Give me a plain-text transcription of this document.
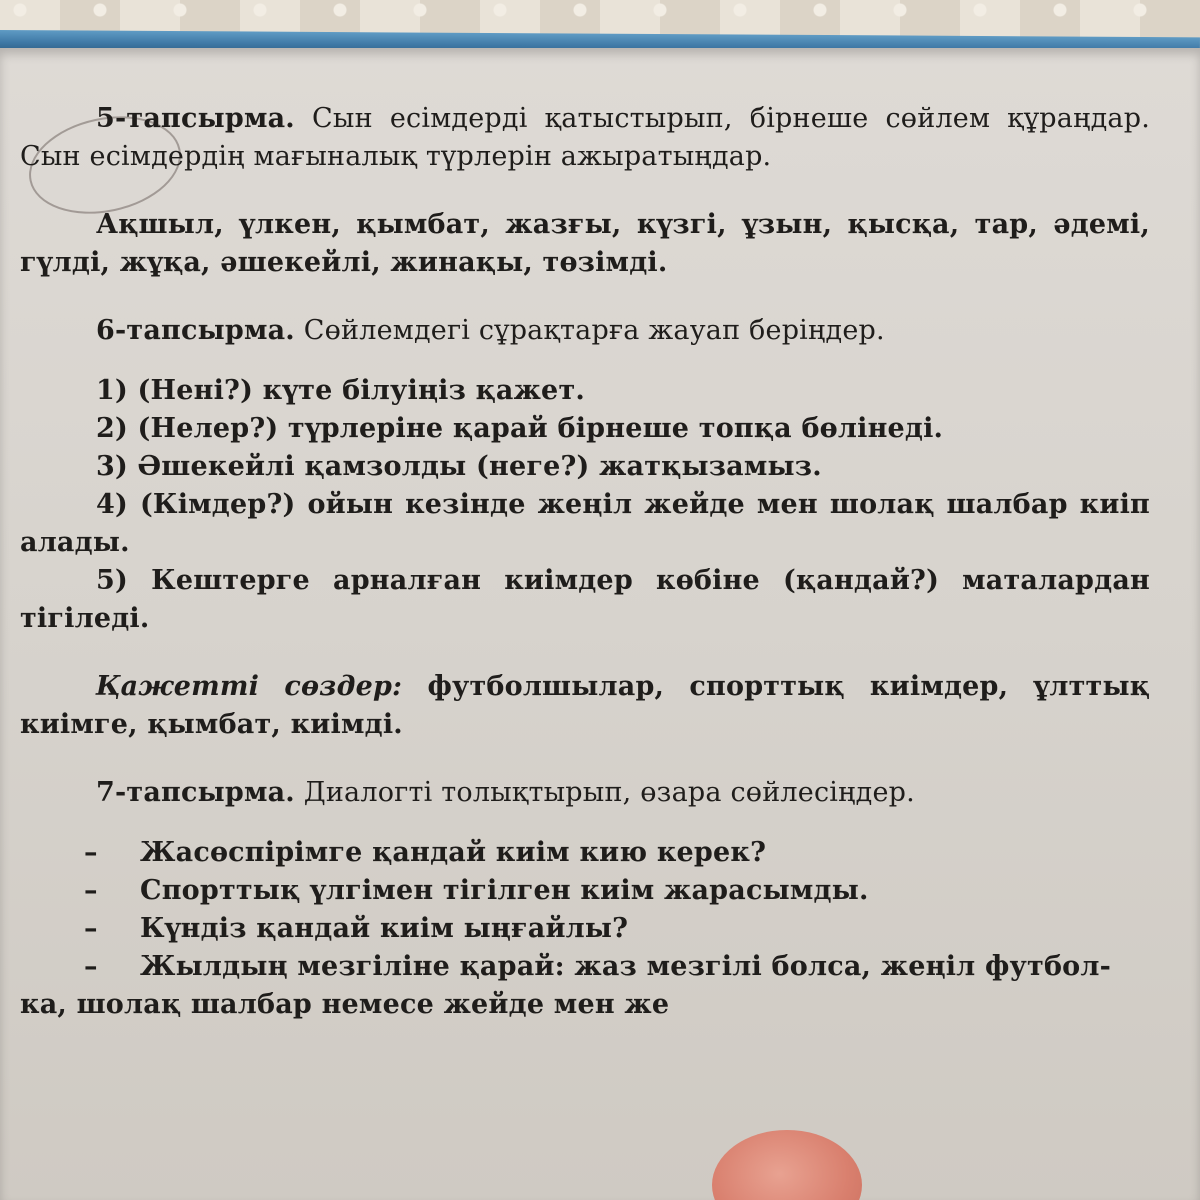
5-тапсырма. Сын есімдерді қатыстырып, бірнеше сөйлем құраңдар. Сын есімдердің мағыналық түрлерін ажыратыңдар.

Ақшыл, үлкен, қымбат, жазғы, күзгі, ұзын, қысқа, тар, әдемі, гүлді, жұқа, әшекейлі, жинақы, төзімді.

6-тапсырма. Сөйлемдегі сұрақтарға жауап беріңдер.

1) (Нені?) күте білуіңіз қажет.

2) (Нелер?) түрлеріне қарай бірнеше топқа бөлінеді.

3) Әшекейлі қамзолды (неге?) жатқызамыз.

4) (Кімдер?) ойын кезінде жеңіл жейде мен шолақ шалбар киіп алады.

5) Кештерге арналған киімдер көбіне (қандай?) маталардан тігіледі.

Қажетті сөздер: футболшылар, спорттық киімдер, ұлттық киімге, қымбат, киімді.

7-тапсырма. Диалогті толықтырып, өзара сөйлесіңдер.

–	Жасөспірімге қандай киім кию керек?
–	Спорттық үлгімен тігілген киім жарасымды.
–	Күндіз қандай киім ыңғайлы?
–	Жылдың мезгіліне қарай: жаз мезгілі болса, жеңіл футбол-

ка, шолақ шалбар немесе жейде мен же
